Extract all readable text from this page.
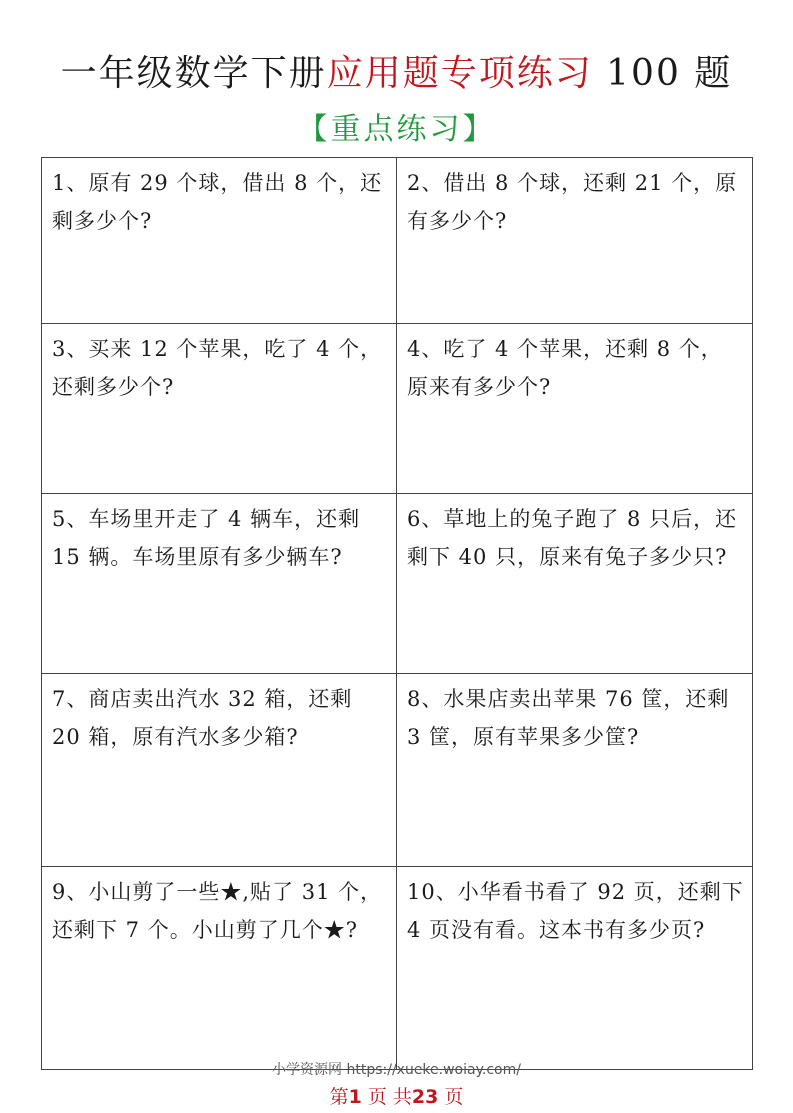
一年级数学下册应用题专项练习 100 题
【重点练习】
1、原有 29 个球，借出 8 个，还剩多少个?
2、借出 8 个球，还剩 21 个，原有多少个?
3、买来 12 个苹果，吃了 4 个，还剩多少个?
4、吃了 4 个苹果，还剩 8 个，原来有多少个?
5、车场里开走了 4 辆车，还剩 15 辆。车场里原有多少辆车?
6、草地上的兔子跑了 8 只后，还剩下 40 只，原来有兔子多少只?
7、商店卖出汽水 32 箱，还剩 20 箱，原有汽水多少箱?
8、水果店卖出苹果 76 筐，还剩 3 筐，原有苹果多少筐?
9、小山剪了一些★,贴了 31 个，还剩下 7 个。小山剪了几个★?
10、小华看书看了 92 页，还剩下 4 页没有看。这本书有多少页?
小学资源网 https://xueke.woiay.com/
第1 页 共23 页
